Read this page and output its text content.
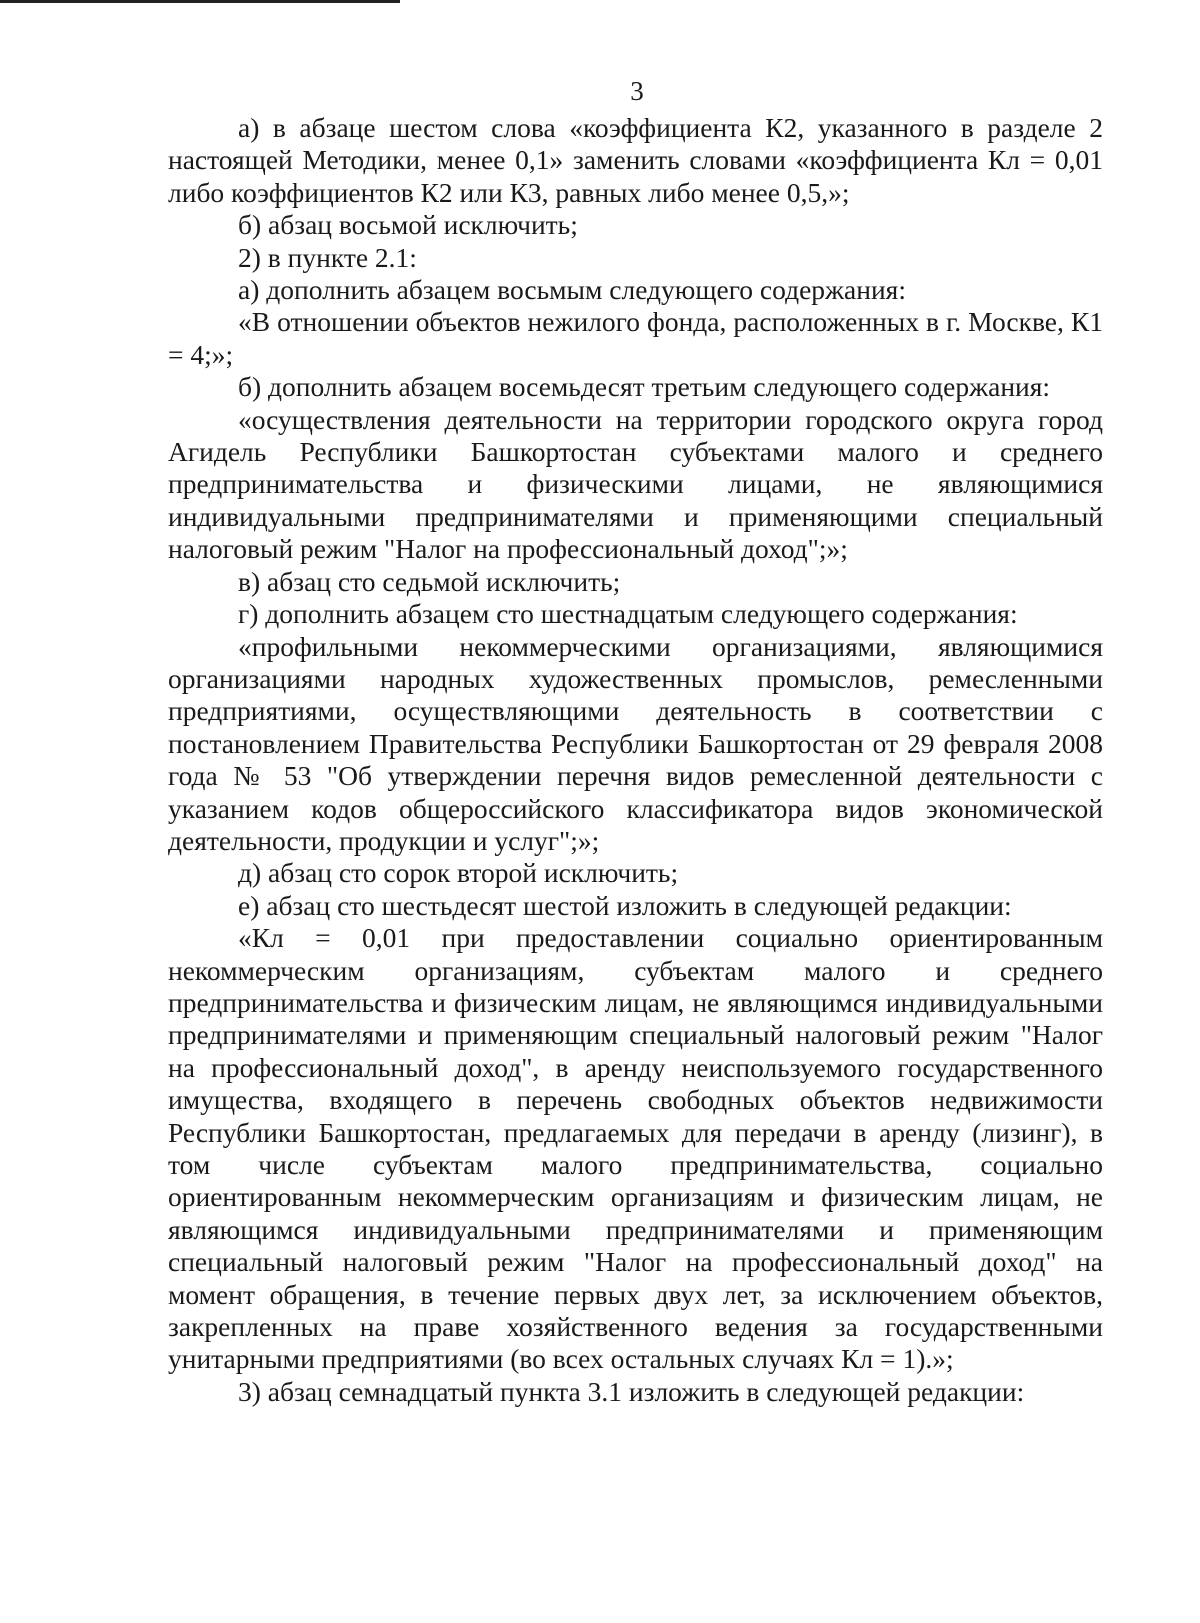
3

а) в абзаце шестом слова «коэффициента К2, указанного в разделе 2 настоящей Методики, менее 0,1» заменить словами «коэффициента Кл = 0,01 либо коэффициентов К2 или К3, равных либо менее 0,5,»;

б) абзац восьмой исключить;

2) в пункте 2.1:

а) дополнить абзацем восьмым следующего содержания:

«В отношении объектов нежилого фонда, расположенных в г. Москве, К1 = 4;»;

б) дополнить абзацем восемьдесят третьим следующего содержания:

«осуществления деятельности на территории городского округа город Агидель Республики Башкортостан субъектами малого и среднего предпринимательства и физическими лицами, не являющимися индивидуальными предпринимателями и применяющими специальный налоговый режим "Налог на профессиональный доход";»;

в) абзац сто седьмой исключить;

г) дополнить абзацем сто шестнадцатым следующего содержания:

«профильными некоммерческими организациями, являющимися организациями народных художественных промыслов, ремесленными предприятиями, осуществляющими деятельность в соответствии с постановлением Правительства Республики Башкортостан от 29 февраля 2008 года № 53 "Об утверждении перечня видов ремесленной деятельности с указанием кодов общероссийского классификатора видов экономической деятельности, продукции и услуг";»;

д) абзац сто сорок второй исключить;

е) абзац сто шестьдесят шестой изложить в следующей редакции:

«Кл = 0,01 при предоставлении социально ориентированным некоммерческим организациям, субъектам малого и среднего предпринимательства и физическим лицам, не являющимся индивидуальными предпринимателями и применяющим специальный налоговый режим "Налог на профессиональный доход", в аренду неиспользуемого государственного имущества, входящего в перечень свободных объектов недвижимости Республики Башкортостан, предлагаемых для передачи в аренду (лизинг), в том числе субъектам малого предпринимательства, социально ориентированным некоммерческим организациям и физическим лицам, не являющимся индивидуальными предпринимателями и применяющим специальный налоговый режим "Налог на профессиональный доход" на момент обращения, в течение первых двух лет, за исключением объектов, закрепленных на праве хозяйственного ведения за государственными унитарными предприятиями (во всех остальных случаях Кл = 1).»;

3) абзац семнадцатый пункта 3.1 изложить в следующей редакции:
